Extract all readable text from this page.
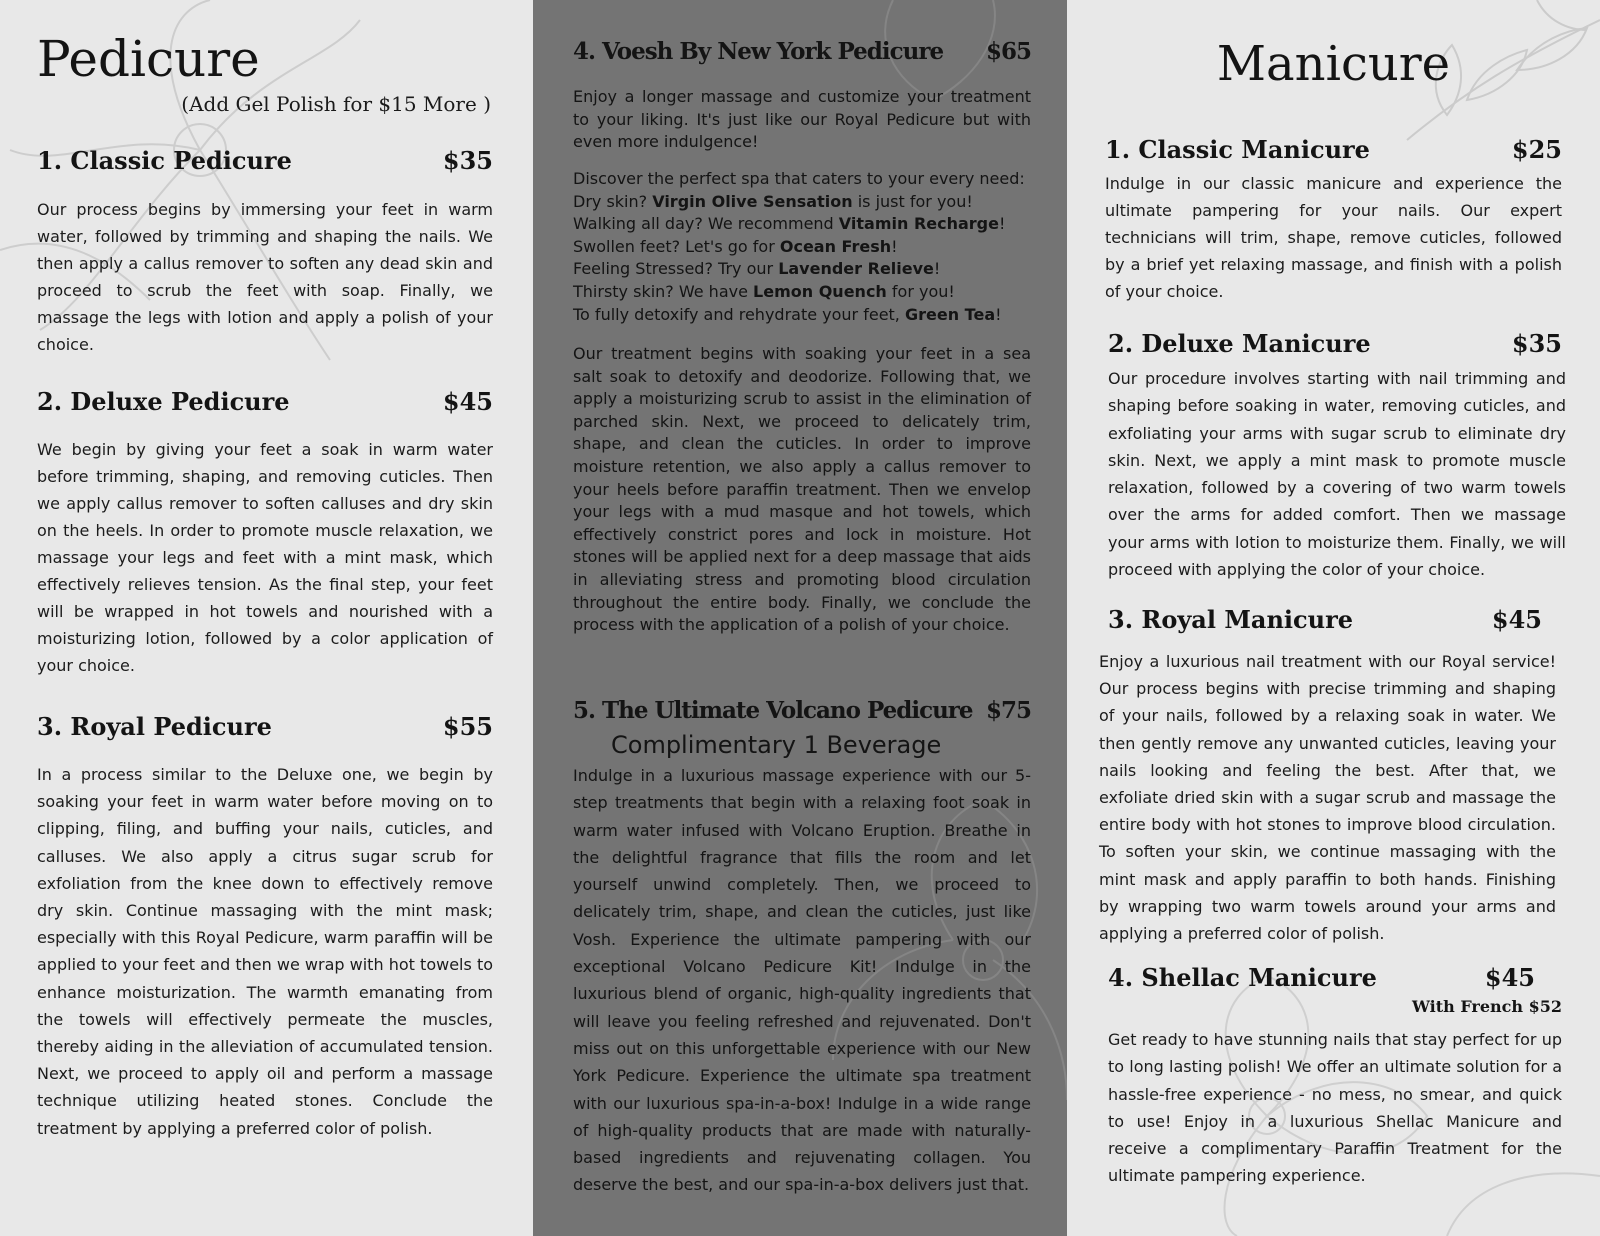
Pedicure
(Add Gel Polish for $15 More )
1. Classic Pedicure	$35

Our process begins by immersing your feet in warm water, followed by trimming and shaping the nails. We then apply a callus remover to soften any dead skin and proceed to scrub the feet with soap. Finally, we massage the legs with lotion and apply a polish of your choice.

2. Deluxe Pedicure	$45

We begin by giving your feet a soak in warm water before trimming, shaping, and removing cuticles. Then we apply callus remover to soften calluses and dry skin on the heels. In order to promote muscle relaxation, we massage your legs and feet with a mint mask, which effectively relieves tension. As the final step, your feet will be wrapped in hot towels and nourished with a moisturizing lotion, followed by a color application of your choice.

3. Royal Pedicure	$55

In a process similar to the Deluxe one, we begin by soaking your feet in warm water before moving on to clipping, filing, and buffing your nails, cuticles, and calluses. We also apply a citrus sugar scrub for exfoliation from the knee down to effectively remove dry skin. Continue massaging with the mint mask; especially with this Royal Pedicure, warm paraffin will be applied to your feet and then we wrap with hot towels to enhance moisturization. The warmth emanating from the towels will effectively permeate the muscles, thereby aiding in the alleviation of accumulated tension. Next, we proceed to apply oil and perform a massage technique utilizing heated stones. Conclude the treatment by applying a preferred color of polish.

4. Voesh By New York Pedicure $65

Enjoy a longer massage and customize your treatment to your liking. It's just like our Royal Pedicure but with even more indulgence!

Discover the perfect spa that caters to your every need:
Dry skin? Virgin Olive Sensation is just for you!
Walking all day? We recommend Vitamin Recharge!
Swollen feet? Let's go for Ocean Fresh!
Feeling Stressed? Try our Lavender Relieve!
Thirsty skin? We have Lemon Quench for you!
To fully detoxify and rehydrate your feet, Green Tea!

Our treatment begins with soaking your feet in a sea salt soak to detoxify and deodorize. Following that, we apply a moisturizing scrub to assist in the elimination of parched skin. Next, we proceed to delicately trim, shape, and clean the cuticles. In order to improve moisture retention, we also apply a callus remover to your heels before paraffin treatment. Then we envelop your legs with a mud masque and hot towels, which effectively constrict pores and lock in moisture. Hot stones will be applied next for a deep massage that aids in alleviating stress and promoting blood circulation throughout the entire body. Finally, we conclude the process with the application of a polish of your choice.

5. The Ultimate Volcano Pedicure $75
Complimentary 1 Beverage

Indulge in a luxurious massage experience with our 5-step treatments that begin with a relaxing foot soak in warm water infused with Volcano Eruption. Breathe in the delightful fragrance that fills the room and let yourself unwind completely. Then, we proceed to delicately trim, shape, and clean the cuticles, just like Vosh. Experience the ultimate pampering with our exceptional Volcano Pedicure Kit! Indulge in the luxurious blend of organic, high-quality ingredients that will leave you feeling refreshed and rejuvenated. Don't miss out on this unforgettable experience with our New York Pedicure. Experience the ultimate spa treatment with our luxurious spa-in-a-box! Indulge in a wide range of high-quality products that are made with naturally-based ingredients and rejuvenating collagen. You deserve the best, and our spa-in-a-box delivers just that.

Manicure
1. Classic Manicure	$25

Indulge in our classic manicure and experience the ultimate pampering for your nails. Our expert technicians will trim, shape, remove cuticles, followed by a brief yet relaxing massage, and finish with a polish of your choice.

2. Deluxe Manicure	$35

Our procedure involves starting with nail trimming and shaping before soaking in water, removing cuticles, and exfoliating your arms with sugar scrub to eliminate dry skin. Next, we apply a mint mask to promote muscle relaxation, followed by a covering of two warm towels over the arms for added comfort. Then we massage your arms with lotion to moisturize them. Finally, we will proceed with applying the color of your choice.

3. Royal Manicure	$45

Enjoy a luxurious nail treatment with our Royal service! Our process begins with precise trimming and shaping of your nails, followed by a relaxing soak in water. We then gently remove any unwanted cuticles, leaving your nails looking and feeling the best. After that, we exfoliate dried skin with a sugar scrub and massage the entire body with hot stones to improve blood circulation. To soften your skin, we continue massaging with the mint mask and apply paraffin to both hands. Finishing by wrapping two warm towels around your arms and applying a preferred color of polish.

4. Shellac Manicure	$45
With French $52

Get ready to have stunning nails that stay perfect for up to long lasting polish! We offer an ultimate solution for a hassle-free experience - no mess, no smear, and quick to use! Enjoy in a luxurious Shellac Manicure and receive a complimentary Paraffin Treatment for the ultimate pampering experience.
